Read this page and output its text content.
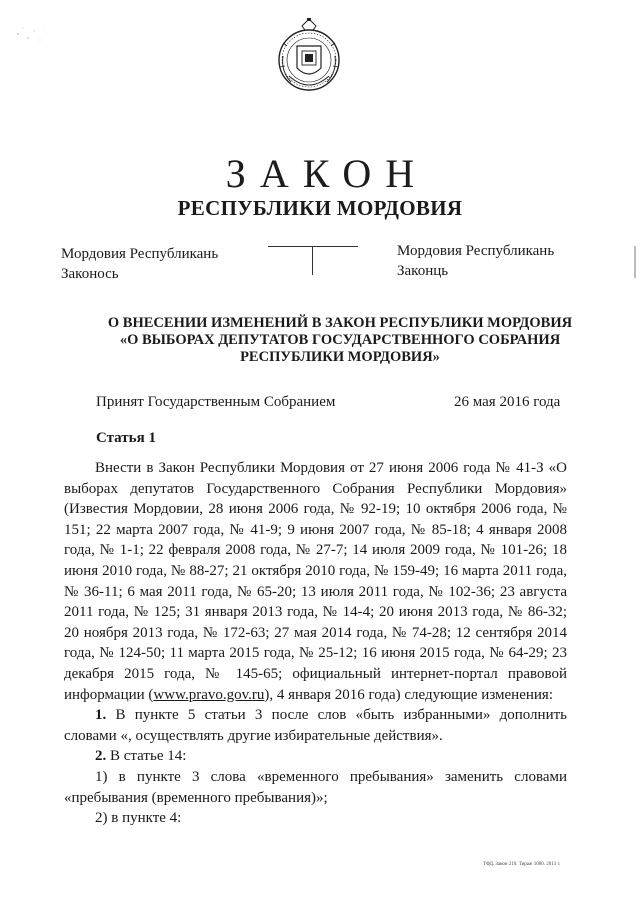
ЗАКОН
РЕСПУБЛИКИ МОРДОВИЯ
Мордовия Республикань
Законось
Мордовия Республикань
Законць
О ВНЕСЕНИИ ИЗМЕНЕНИЙ В ЗАКОН РЕСПУБЛИКИ МОРДОВИЯ
«О ВЫБОРАХ ДЕПУТАТОВ ГОСУДАРСТВЕННОГО СОБРАНИЯ
РЕСПУБЛИКИ МОРДОВИЯ»
Принят Государственным Собранием	26 мая 2016 года
Статья 1

Внести в Закон Республики Мордовия от 27 июня 2006 года № 41-З «О выборах депутатов Государственного Собрания Республики Мордовия» (Известия Мордовии, 28 июня 2006 года, № 92-19; 10 октября 2006 года, № 151; 22 марта 2007 года, № 41-9; 9 июня 2007 года, № 85-18; 4 января 2008 года, № 1-1; 22 февраля 2008 года, № 27-7; 14 июля 2009 года, № 101-26; 18 июня 2010 года, № 88-27; 21 октября 2010 года, № 159-49; 16 марта 2011 года, № 36-11; 6 мая 2011 года, № 65-20; 13 июля 2011 года, № 102-36; 23 августа 2011 года, № 125; 31 января 2013 года, № 14-4; 20 июня 2013 года, № 86-32; 20 ноября 2013 года, № 172-63; 27 мая 2014 года, № 74-28; 12 сентября 2014 года, № 124-50; 11 марта 2015 года, № 25-12; 16 июня 2015 года, № 64-29; 23 декабря 2015 года, № 145-65; официальный интернет-портал правовой информации (www.pravo.gov.ru), 4 января 2016 года) следующие изменения:

1. В пункте 5 статьи 3 после слов «быть избранными» дополнить словами «, осуществлять другие избирательные действия».

2. В статье 14:

1) в пункте 3 слова «временного пребывания» заменить словами «пребывания (временного пребывания)»;

2) в пункте 4:

ТФД. Закон 210. Тираж 1000. 2013 г.
